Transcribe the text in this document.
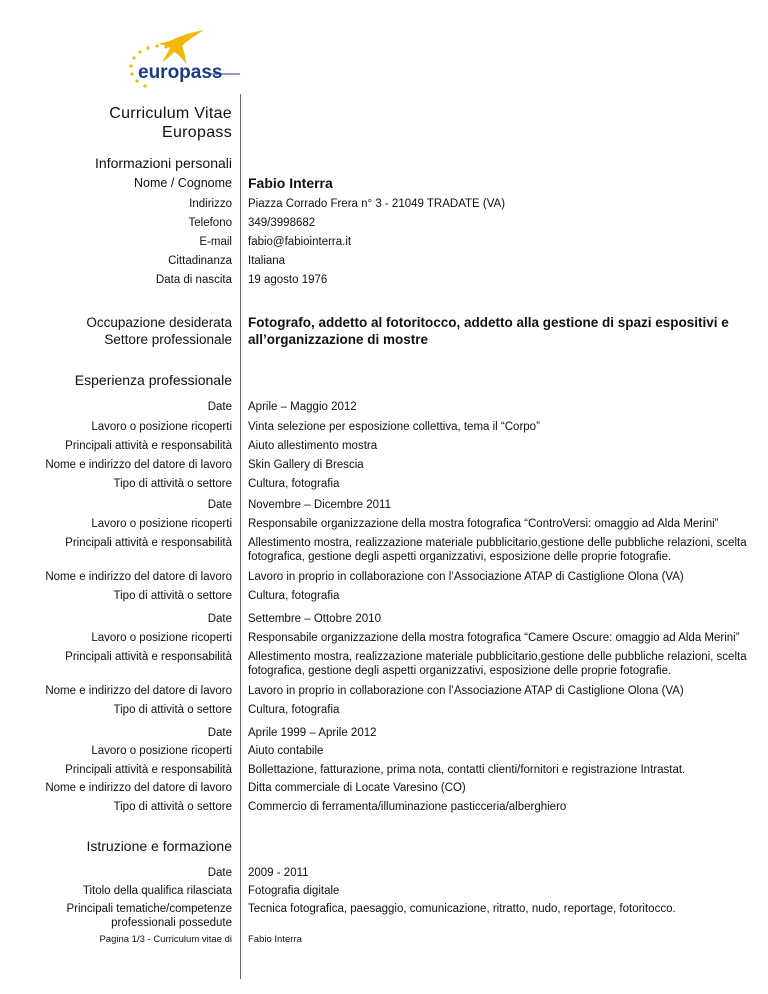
europass
Curriculum Vitae
Europass
Informazioni personali
Nome / Cognome Fabio Interra
Indirizzo Piazza Corrado Frera n° 3 - 21049 TRADATE (VA)
Telefono 349/3998682
E-mail fabio@fabiointerra.it
Cittadinanza Italiana
Data di nascita 19 agosto 1976
Occupazione desiderata
Settore professionale
Fotografo, addetto al fotoritocco, addetto alla gestione di spazi espositivi e
all’organizzazione di mostre
Esperienza professionale
Date Aprile – Maggio 2012
Lavoro o posizione ricoperti Vinta selezione per esposizione collettiva, tema il “Corpo”
Principali attività e responsabilità Aiuto allestimento mostra
Nome e indirizzo del datore di lavoro Skin Gallery di Brescia
Tipo di attività o settore Cultura, fotografia
Date Novembre – Dicembre 2011
Lavoro o posizione ricoperti Responsabile organizzazione della mostra fotografica “ControVersi: omaggio ad Alda Merini”
Principali attività e responsabilità Allestimento mostra, realizzazione materiale pubblicitario,gestione delle pubbliche relazioni, scelta
fotografica, gestione degli aspetti organizzativi, esposizione delle proprie fotografie.
Nome e indirizzo del datore di lavoro Lavoro in proprio in collaborazione con l’Associazione ATAP di Castiglione Olona (VA)
Tipo di attività o settore Cultura, fotografia
Date Settembre – Ottobre 2010
Lavoro o posizione ricoperti Responsabile organizzazione della mostra fotografica “Camere Oscure: omaggio ad Alda Merini”
Principali attività e responsabilità Allestimento mostra, realizzazione materiale pubblicitario,gestione delle pubbliche relazioni, scelta
fotografica, gestione degli aspetti organizzativi, esposizione delle proprie fotografie.
Nome e indirizzo del datore di lavoro Lavoro in proprio in collaborazione con l’Associazione ATAP di Castiglione Olona (VA)
Tipo di attività o settore Cultura, fotografia
Date Aprile 1999 – Aprile 2012
Lavoro o posizione ricoperti Aiuto contabile
Principali attività e responsabilità Bollettazione, fatturazione, prima nota, contatti clienti/fornitori e registrazione Intrastat.
Nome e indirizzo del datore di lavoro Ditta commerciale di Locate Varesino (CO)
Tipo di attività o settore Commercio di ferramenta/illuminazione pasticceria/alberghiero
Istruzione e formazione
Date 2009 - 2011
Titolo della qualifica rilasciata Fotografia digitale
Principali tematiche/competenze
professionali possedute
Tecnica fotografica, paesaggio, comunicazione, ritratto, nudo, reportage, fotoritocco.
Pagina 1/3 - Curriculum vitae di Fabio Interra
